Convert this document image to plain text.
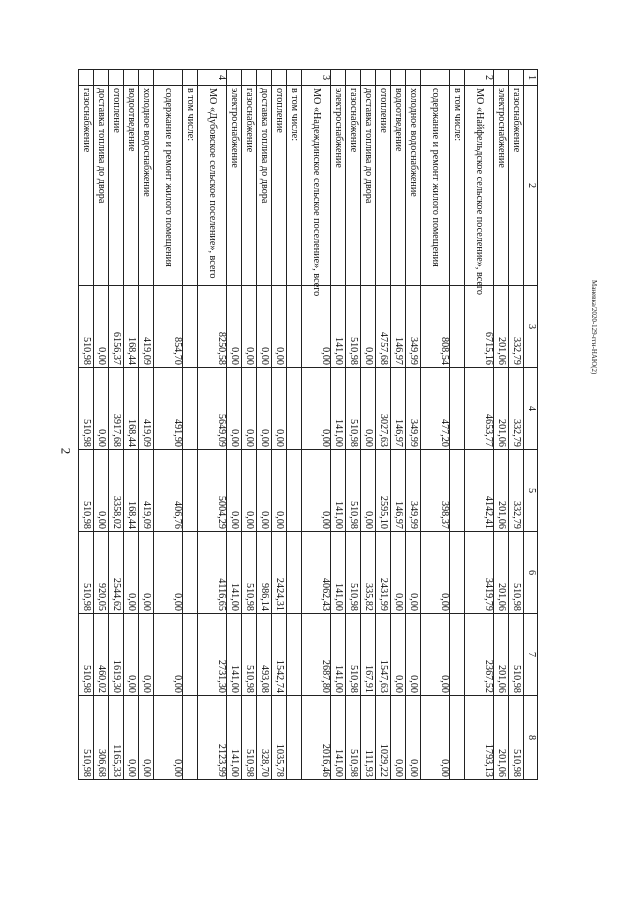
2
Маневка/2020-129-ггн-НАЮ(2)
1	2	3	4	5	6	7	8
	газоснабжение	332,79	332,79	332,79	510,98	510,98	510,98
	электроснабжение	201,06	201,06	201,06	201,06	201,06	201,06
2	МО «Найфельдское сельское поселение», всего	6715,16	4653,77	4142,41	3419,79	2367,52	1793,13
	в том числе:						
	содержание и ремонт жилого помещения	808,54	477,20	398,37	0,00	0,00	0,00
	холодное водоснабжение	349,99	349,99	349,99	0,00	0,00	0,00
	водоотведение	146,97	146,97	146,97	0,00	0,00	0,00
	отопление	4757,68	3027,63	2595,10	2431,99	1547,63	1029,22
	доставка топлива до двора	0,00	0,00	0,00	335,82	167,91	111,93
	газоснабжение	510,98	510,98	510,98	510,98	510,98	510,98
	электроснабжение	141,00	141,00	141,00	141,00	141,00	141,00
3	МО «Надеждинское сельское поселение», всего	0,00	0,00	0,00	4062,43	2687,80	2016,46
	в том числе:						
	отопление	0,00	0,00	0,00	2424,31	1542,74	1035,78
	доставка топлива до двора	0,00	0,00	0,00	986,14	493,08	328,70
	газоснабжение	0,00	0,00	0,00	510,98	510,98	510,98
	электроснабжение	0,00	0,00	0,00	141,00	141,00	141,00
4	МО «Дубовское сельское поселение», всего	8250,58	5649,09	5004,29	4116,65	2731,30	2123,99
	в том числе:						
	содержание и ремонт жилого помещения	854,70	491,90	406,76	0,00	0,00	0,00
	холодное водоснабжение	419,09	419,09	419,09	0,00	0,00	0,00
	водоотведение	168,44	168,44	168,44	0,00	0,00	0,00
	отопление	6156,37	3917,68	3358,02	2544,62	1619,30	1165,33
	доставка топлива до двора	0,00	0,00	0,00	920,05	460,02	306,68
	газоснабжение	510,98	510,98	510,98	510,98	510,98	510,98
